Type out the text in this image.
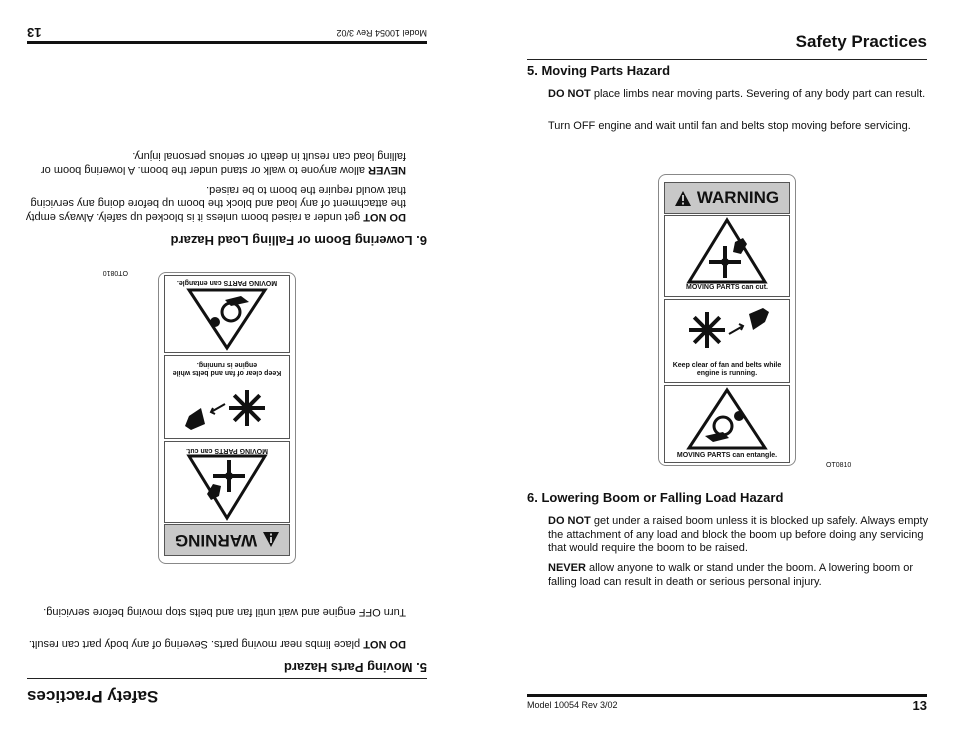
Safety Practices
5. Moving Parts Hazard
DO NOT place limbs near moving parts. Severing of any body part can result.
Turn OFF engine and wait until fan and belts stop moving before servicing.
WARNING
MOVING PARTS can cut.
Keep clear of fan and belts while engine is running.
MOVING PARTS can entangle.
OT0810
6. Lowering Boom or Falling Load Hazard
DO NOT get under a raised boom unless it is blocked up safely. Always empty the attachment of any load and block the boom up before doing any servicing that would require the boom to be raised.
NEVER allow anyone to walk or stand under the boom. A lowering boom or falling load can result in death or serious personal injury.
Model 10054 Rev 3/02
13	Safety Practices
5. Moving Parts Hazard
DO NOT place limbs near moving parts. Severing of any body part can result.
Turn OFF engine and wait until fan and belts stop moving before servicing.
WARNING
MOVING PARTS can cut.
Keep clear of fan and belts while engine is running.
MOVING PARTS can entangle.
OT0810
6. Lowering Boom or Falling Load Hazard
DO NOT get under a raised boom unless it is blocked up safely. Always empty the attachment of any load and block the boom up before doing any servicing that would require the boom to be raised.
NEVER allow anyone to walk or stand under the boom. A lowering boom or falling load can result in death or serious personal injury.
Model 10054 Rev 3/02	13
